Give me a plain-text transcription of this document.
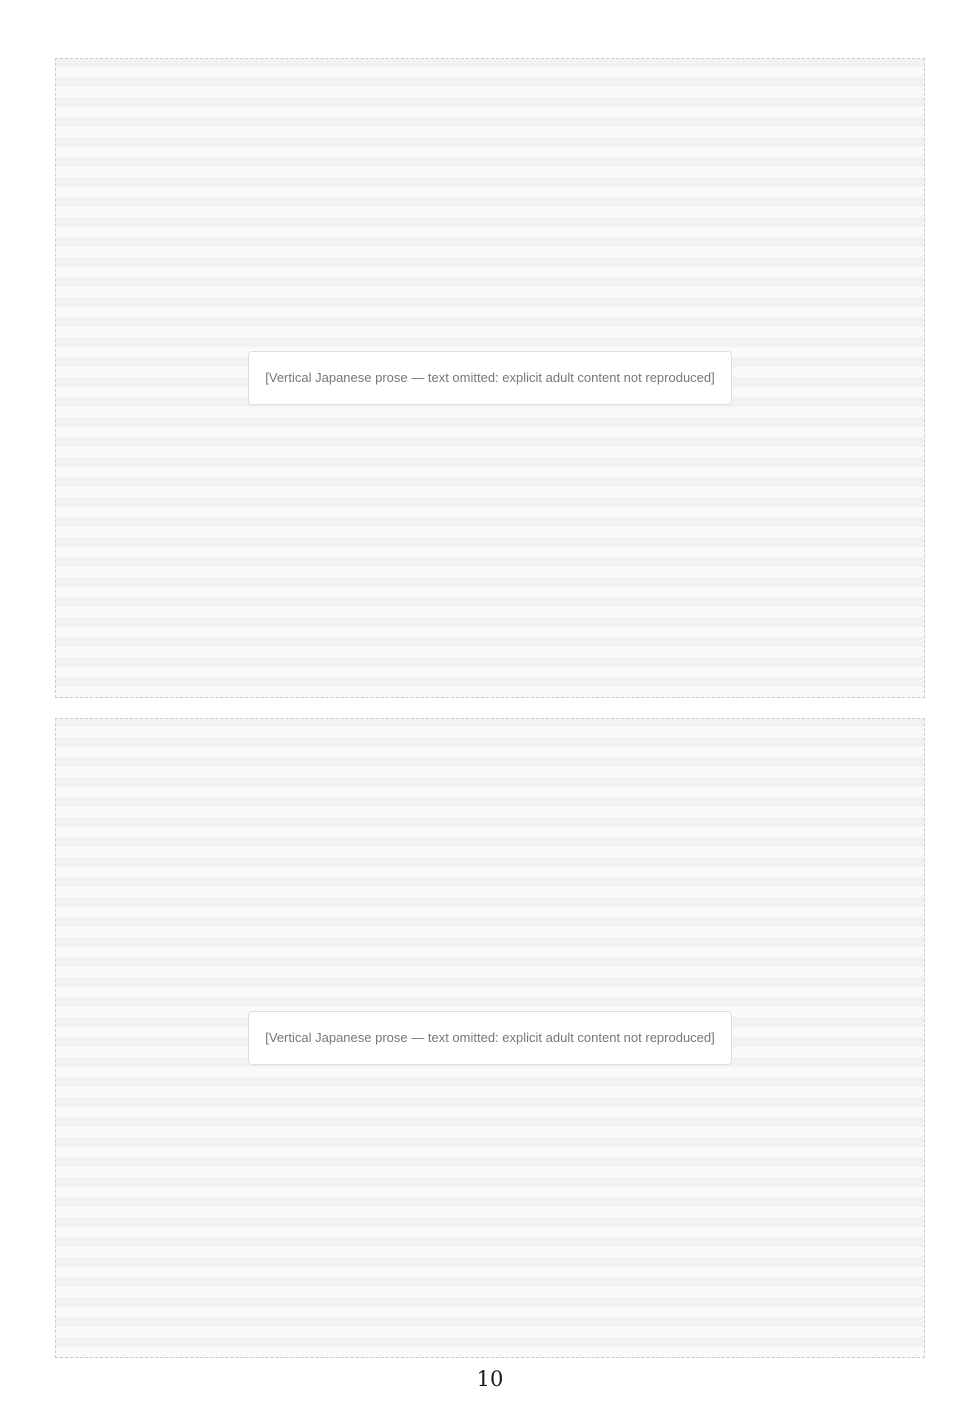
[Vertical Japanese prose — text omitted: explicit adult content not reproduced]
[Vertical Japanese prose — text omitted: explicit adult content not reproduced]
10
